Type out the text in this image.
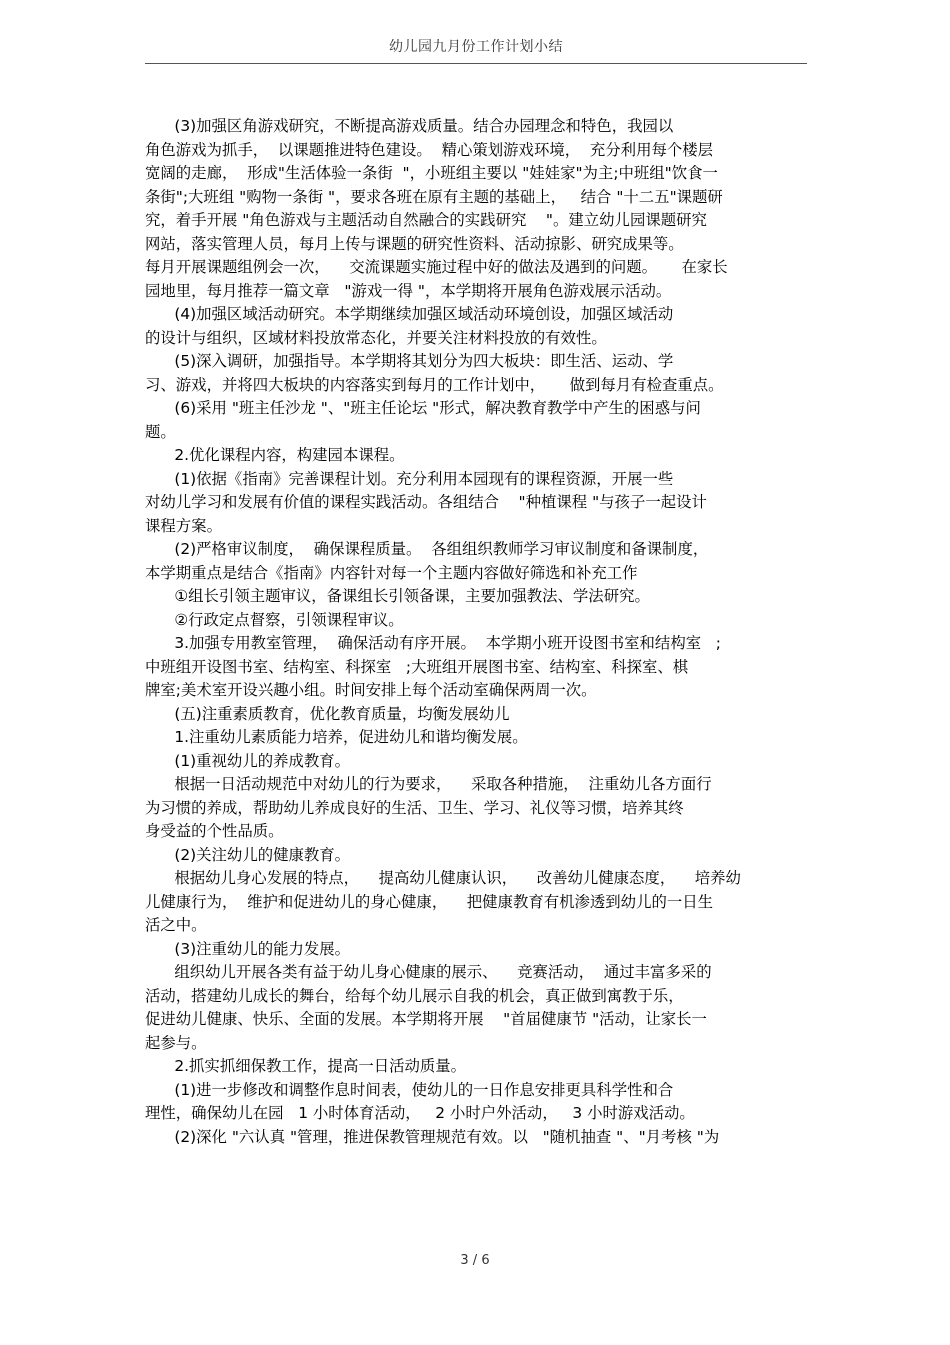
幼儿园九月份工作计划小结
(3)加强区角游戏研究，不断提高游戏质量。结合办园理念和特色，我园以
角色游戏为抓手，  以课题推进特色建设。  精心策划游戏环境，  充分利用每个楼层
宽阔的走廊，  形成"生活体验一条街  "，小班组主要以 "娃娃家"为主;中班组"饮食一
条街";大班组 "购物一条街 "，要求各班在原有主题的基础上，   结合 "十二五"课题研
究，着手开展 "角色游戏与主题活动自然融合的实践研究    "。建立幼儿园课题研究
网站，落实管理人员，每月上传与课题的研究性资料、活动掠影、研究成果等。
每月开展课题组例会一次，    交流课题实施过程中好的做法及遇到的问题。     在家长
园地里，每月推荐一篇文章   "游戏一得 "，本学期将开展角色游戏展示活动。
(4)加强区域活动研究。本学期继续加强区域活动环境创设，加强区域活动
的设计与组织，区域材料投放常态化，并要关注材料投放的有效性。
(5)深入调研，加强指导。本学期将其划分为四大板块：即生活、运动、学
习、游戏，并将四大板块的内容落实到每月的工作计划中，     做到每月有检查重点。
(6)采用 "班主任沙龙 "、"班主任论坛 "形式，解决教育教学中产生的困惑与问
题。
2.优化课程内容，构建园本课程。
(1)依据《指南》完善课程计划。充分利用本园现有的课程资源，开展一些
对幼儿学习和发展有价值的课程实践活动。各组结合    "种植课程 "与孩子一起设计
课程方案。
(2)严格审议制度，  确保课程质量。  各组组织教师学习审议制度和备课制度，
本学期重点是结合《指南》内容针对每一个主题内容做好筛选和补充工作
①组长引领主题审议，备课组长引领备课，主要加强教法、学法研究。
②行政定点督察，引领课程审议。
3.加强专用教室管理，  确保活动有序开展。  本学期小班开设图书室和结构室   ;
中班组开设图书室、结构室、科探室   ;大班组开展图书室、结构室、科探室、棋
牌室;美术室开设兴趣小组。时间安排上每个活动室确保两周一次。
(五)注重素质教育，优化教育质量，均衡发展幼儿
1.注重幼儿素质能力培养，促进幼儿和谐均衡发展。
(1)重视幼儿的养成教育。
根据一日活动规范中对幼儿的行为要求，    采取各种措施，  注重幼儿各方面行
为习惯的养成，帮助幼儿养成良好的生活、卫生、学习、礼仪等习惯，培养其终
身受益的个性品质。
(2)关注幼儿的健康教育。
根据幼儿身心发展的特点，    提高幼儿健康认识，    改善幼儿健康态度，    培养幼
儿健康行为，  维护和促进幼儿的身心健康，    把健康教育有机渗透到幼儿的一日生
活之中。
(3)注重幼儿的能力发展。
组织幼儿开展各类有益于幼儿身心健康的展示、    竞赛活动，  通过丰富多采的
活动，搭建幼儿成长的舞台，给每个幼儿展示自我的机会，真正做到寓教于乐，
促进幼儿健康、快乐、全面的发展。本学期将开展    "首届健康节 "活动，让家长一
起参与。
2.抓实抓细保教工作，提高一日活动质量。
(1)进一步修改和调整作息时间表，使幼儿的一日作息安排更具科学性和合
理性，确保幼儿在园   1 小时体育活动，   2 小时户外活动，   3 小时游戏活动。
(2)深化 "六认真 "管理，推进保教管理规范有效。以   "随机抽查 "、"月考核 "为
3 / 6
